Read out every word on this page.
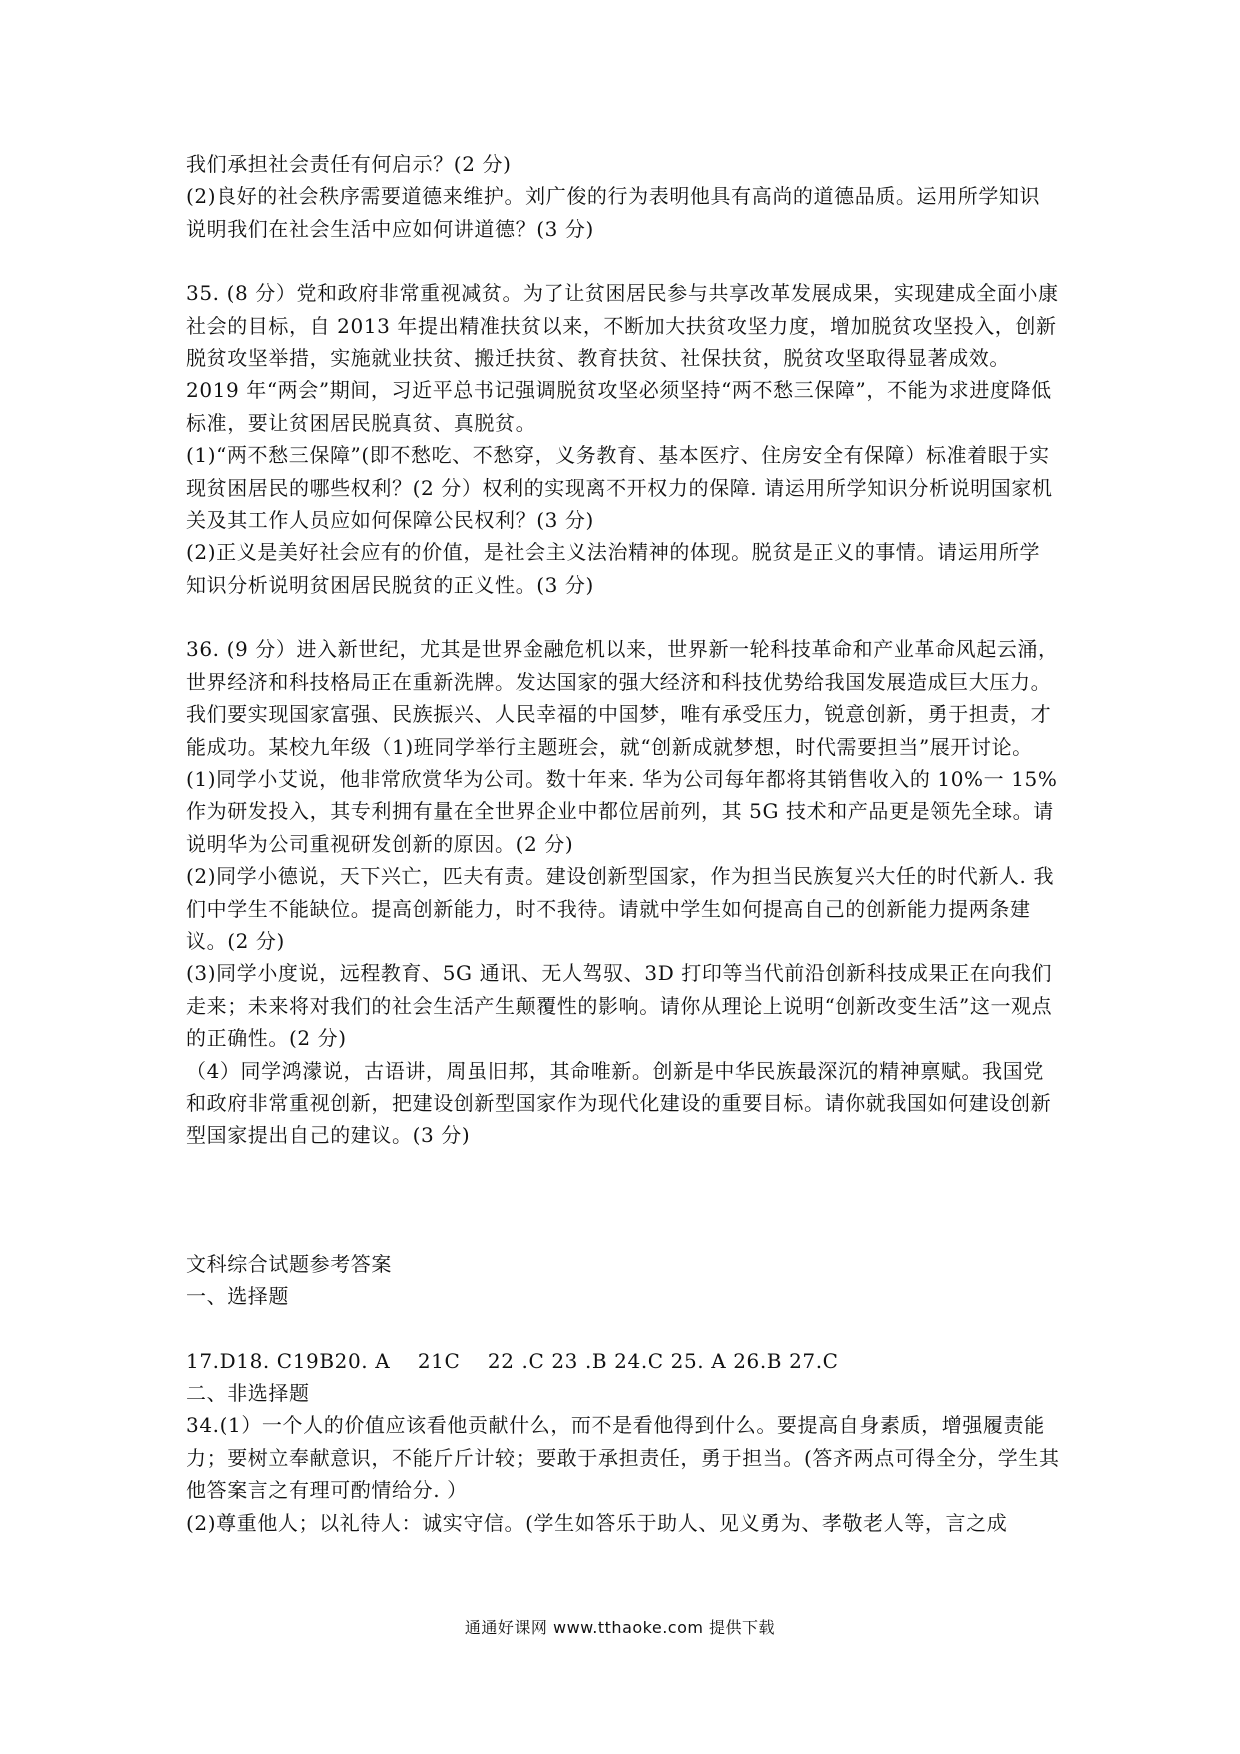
我们承担社会责任有何启示？(2 分)

(2)良好的社会秩序需要道德来维护。刘广俊的行为表明他具有高尚的道德品质。运用所学知识说明我们在社会生活中应如何讲道德？(3 分)

35. (8 分）党和政府非常重视减贫。为了让贫困居民参与共享改革发展成果，实现建成全面小康社会的目标，自 2013 年提出精准扶贫以来，不断加大扶贫攻坚力度，增加脱贫攻坚投入，创新脱贫攻坚举措，实施就业扶贫、搬迁扶贫、教育扶贫、社保扶贫，脱贫攻坚取得显著成效。2019 年“两会”期间，习近平总书记强调脱贫攻坚必须坚持“两不愁三保障”，不能为求进度降低标准，要让贫困居民脱真贫、真脱贫。

(1)“两不愁三保障”(即不愁吃、不愁穿，义务教育、基本医疗、住房安全有保障）标准着眼于实现贫困居民的哪些权利？(2 分）权利的实现离不开权力的保障. 请运用所学知识分析说明国家机关及其工作人员应如何保障公民权利？(3 分)

(2)正义是美好社会应有的价值，是社会主义法治精神的体现。脱贫是正义的事情。请运用所学知识分析说明贫困居民脱贫的正义性。(3 分)

36. (9 分）进入新世纪，尤其是世界金融危机以来，世界新一轮科技革命和产业革命风起云涌，世界经济和科技格局正在重新洗牌。发达国家的强大经济和科技优势给我国发展造成巨大压力。我们要实现国家富强、民族振兴、人民幸福的中国梦，唯有承受压力，锐意创新，勇于担责，才能成功。某校九年级（1)班同学举行主题班会，就“创新成就梦想，时代需要担当”展开讨论。

(1)同学小艾说，他非常欣赏华为公司。数十年来. 华为公司每年都将其销售收入的 10%一 15%作为研发投入，其专利拥有量在全世界企业中都位居前列，其 5G 技术和产品更是领先全球。请说明华为公司重视研发创新的原因。(2 分)

(2)同学小德说，天下兴亡，匹夫有责。建设创新型国家，作为担当民族复兴大任的时代新人. 我们中学生不能缺位。提高创新能力，时不我待。请就中学生如何提高自己的创新能力提两条建议。(2 分)

(3)同学小度说，远程教育、5G 通讯、无人驾驭、3D 打印等当代前沿创新科技成果正在向我们走来；未来将对我们的社会生活产生颠覆性的影响。请你从理论上说明“创新改变生活”这一观点的正确性。(2 分)

（4）同学鸿濛说，古语讲，周虽旧邦，其命唯新。创新是中华民族最深沉的精神禀赋。我国党和政府非常重视创新，把建设创新型国家作为现代化建设的重要目标。请你就我国如何建设创新型国家提出自己的建议。(3 分)

文科综合试题参考答案

一、选择题

17.D18. C19B20. A　 21C　 22 .C 23 .B 24.C 25. A 26.B 27.C

二、非选择题

34.(1）一个人的价值应该看他贡献什么，而不是看他得到什么。要提高自身素质，增强履责能力；要树立奉献意识，不能斤斤计较；要敢于承担责任，勇于担当。(答齐两点可得全分，学生其他答案言之有理可酌情给分. ）

(2)尊重他人；以礼待人：诚实守信。(学生如答乐于助人、见义勇为、孝敬老人等，言之成

通通好课网 www.tthaoke.com 提供下载
